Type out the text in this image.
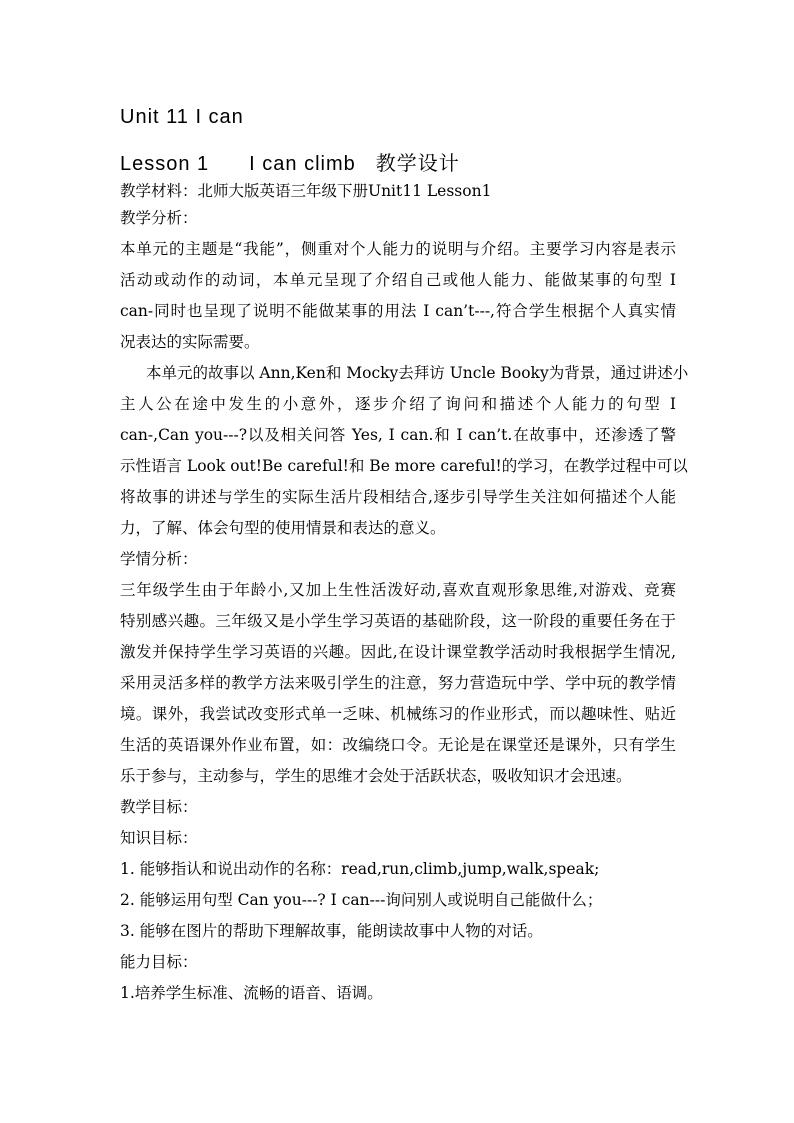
Unit 11 I can
Lesson 1 I can climb 教学设计
教学材料：北师大版英语三年级下册Unit11 Lesson1
教学分析：
本单元的主题是“我能”，侧重对个人能力的说明与介绍。主要学习内容是表示
活动或动作的动词，本单元呈现了介绍自己或他人能力、能做某事的句型 I
can-同时也呈现了说明不能做某事的用法 I can’t---,符合学生根据个人真实情
况表达的实际需要。
本单元的故事以 Ann,Ken和 Mocky去拜访 Uncle Booky为背景，通过讲述小
主人公在途中发生的小意外，逐步介绍了询问和描述个人能力的句型 I
can-,Can you---?以及相关问答 Yes, I can.和 I can’t.在故事中，还渗透了警
示性语言 Look out!Be careful!和 Be more careful!的学习，在教学过程中可以
将故事的讲述与学生的实际生活片段相结合,逐步引导学生关注如何描述个人能
力，了解、体会句型的使用情景和表达的意义。
学情分析：
三年级学生由于年龄小,又加上生性活泼好动,喜欢直观形象思维,对游戏、竞赛
特别感兴趣。三年级又是小学生学习英语的基础阶段，这一阶段的重要任务在于
激发并保持学生学习英语的兴趣。因此,在设计课堂教学活动时我根据学生情况,
采用灵活多样的教学方法来吸引学生的注意，努力营造玩中学、学中玩的教学情
境。课外，我尝试改变形式单一乏味、机械练习的作业形式，而以趣味性、贴近
生活的英语课外作业布置，如：改编绕口令。无论是在课堂还是课外，只有学生
乐于参与，主动参与，学生的思维才会处于活跃状态，吸收知识才会迅速。
教学目标：
知识目标：
1. 能够指认和说出动作的名称：read,run,climb,jump,walk,speak;
2. 能够运用句型 Can you---? I can---询问别人或说明自己能做什么；
3. 能够在图片的帮助下理解故事，能朗读故事中人物的对话。
能力目标：
1.培养学生标准、流畅的语音、语调。
